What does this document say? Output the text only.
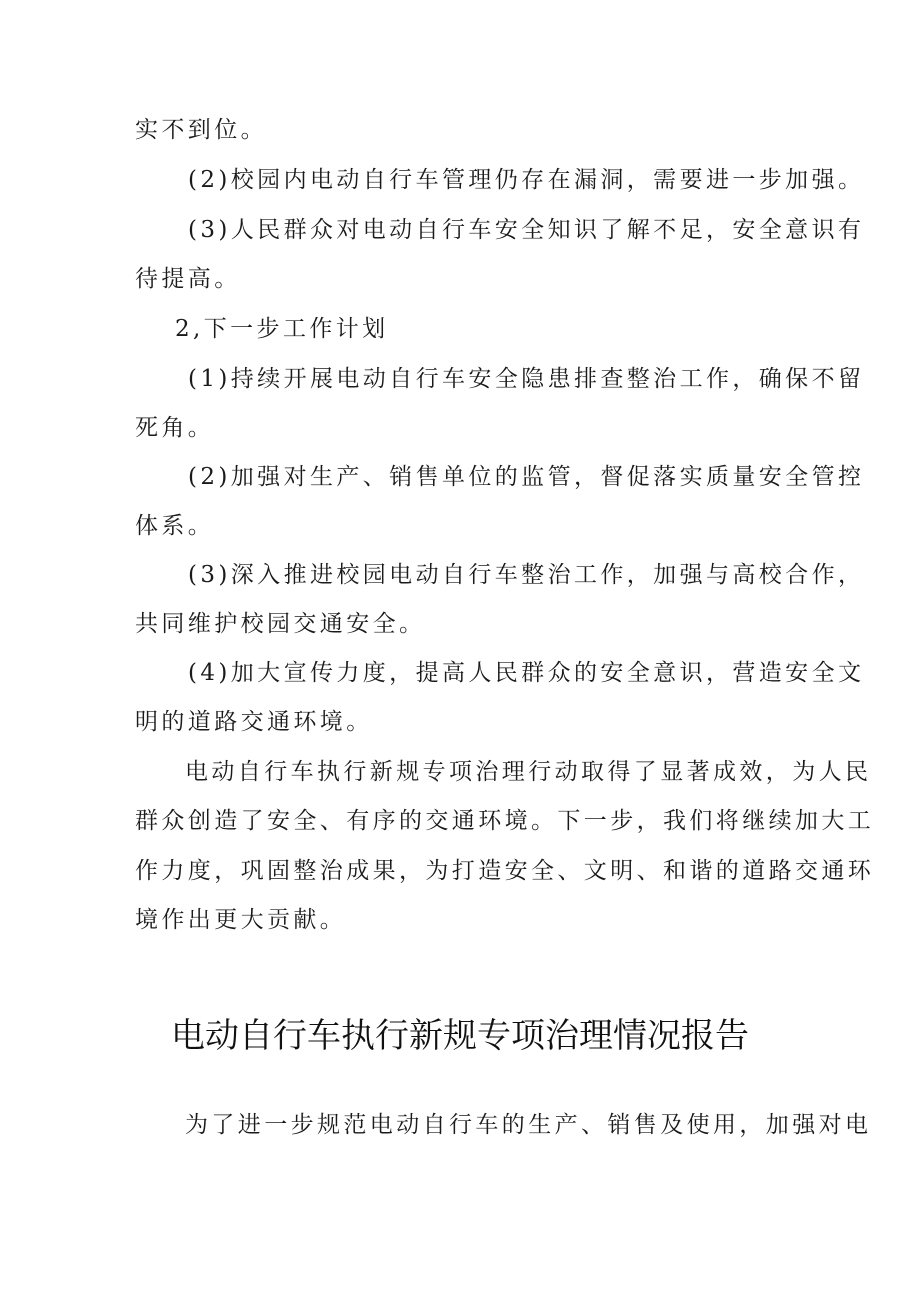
实不到位。

(2)校园内电动自行车管理仍存在漏洞，需要进一步加强。

(3)人民群众对电动自行车安全知识了解不足，安全意识有

待提高。

2,下一步工作计划

(1)持续开展电动自行车安全隐患排查整治工作，确保不留

死角。

(2)加强对生产、销售单位的监管，督促落实质量安全管控

体系。

(3)深入推进校园电动自行车整治工作，加强与高校合作，

共同维护校园交通安全。

(4)加大宣传力度，提高人民群众的安全意识，营造安全文

明的道路交通环境。

电动自行车执行新规专项治理行动取得了显著成效，为人民

群众创造了安全、有序的交通环境。下一步，我们将继续加大工

作力度，巩固整治成果，为打造安全、文明、和谐的道路交通环

境作出更大贡献。

电动自行车执行新规专项治理情况报告

为了进一步规范电动自行车的生产、销售及使用，加强对电
